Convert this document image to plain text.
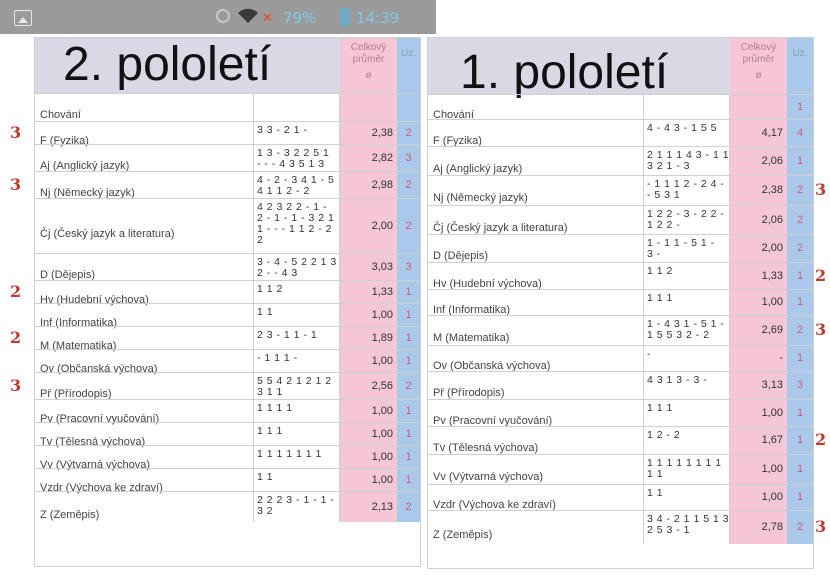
✕ 79%	14:39
2. pololetí	Celkový
průměr
ø
Uz.
Chování
F (Fyzika)
3 3 - 2 1 -	2,38	2
Aj (Anglický jazyk)
1 3 - 3 2 2 5 1
- - - 4 3 5 1 3
2,82	3
Nj (Německý jazyk)
4 - 2 - 3 4 1 - 5
4 1 1 2 - 2
2,98	2
Čj (Český jazyk a literatura)
4 2 3 2 2 - 1 -
2 - 1 - 1 - 3 2 1
1 - - - 1 1 2 - 2
2
2,00	2
D (Dějepis)
3 - 4 - 5 2 2 1 3
2 - - 4 3
3,03	3
Hv (Hudební výchova)
1 1 2	1,33	1
Inf (Informatika)
1 1	1,00	1
M (Matematika)
2 3 - 1 1 - 1	1,89	1
Ov (Občanská výchova)
- 1 1 1 -	1,00	1
Př (Přírodopis)
5 5 4 2 1 2 1 2
3 1 1
2,56	2
Pv (Pracovní vyučování)
1 1 1 1	1,00	1
Tv (Tělesná výchova)
1 1 1	1,00	1
Vv (Výtvarná výchova)
1 1 1 1 1 1 1	1,00	1
Vzdr (Výchova ke zdraví)
1 1	1,00	1
Z (Zeměpis)
2 2 2 3 - 1 - 1 -
3 2	2,13	2
1. pololetí	Celkový
průměr
ø
Uz.
Chování
1
F (Fyzika)
4 - 4 3 - 1 5 5	4,17	4
Aj (Anglický jazyk)
2 1 1 1 4 3 - 1 1
3 2 1 - 3	2,06	1
Nj (Německý jazyk)
- 1 1 1 2 - 2 4 -
- 5 3 1	2,38	2
Čj (Český jazyk a literatura)
1 2 2 - 3 - 2 2 -
1 2 2 -	2,06	2
D (Dějepis)
1 - 1 1 - 5 1 -
3 -	2,00	2
Hv (Hudební výchova)
1 1 2	1,33	1
Inf (Informatika)
1 1 1	1,00	1
M (Matematika)
1 - 4 3 1 - 5 1 -
1 5 5 3 2 - 2	2,69	2
Ov (Občanská výchova)
-	-	1
Př (Přírodopis)
4 3 1 3 - 3 -	3,13	3
Pv (Pracovní vyučování)
1 1 1	1,00	1
Tv (Tělesná výchova)
1 2 - 2	1,67	1
Vv (Výtvarná výchova)
1 1 1 1 1 1 1 1
1 1	1,00	1
Vzdr (Výchova ke zdraví)
1 1	1,00	1
Z (Zeměpis)
3 4 - 2 1 1 5 1 3
2 5 3 - 1	2,78	2
3
3
2
2
3
3
2
3
2
3
